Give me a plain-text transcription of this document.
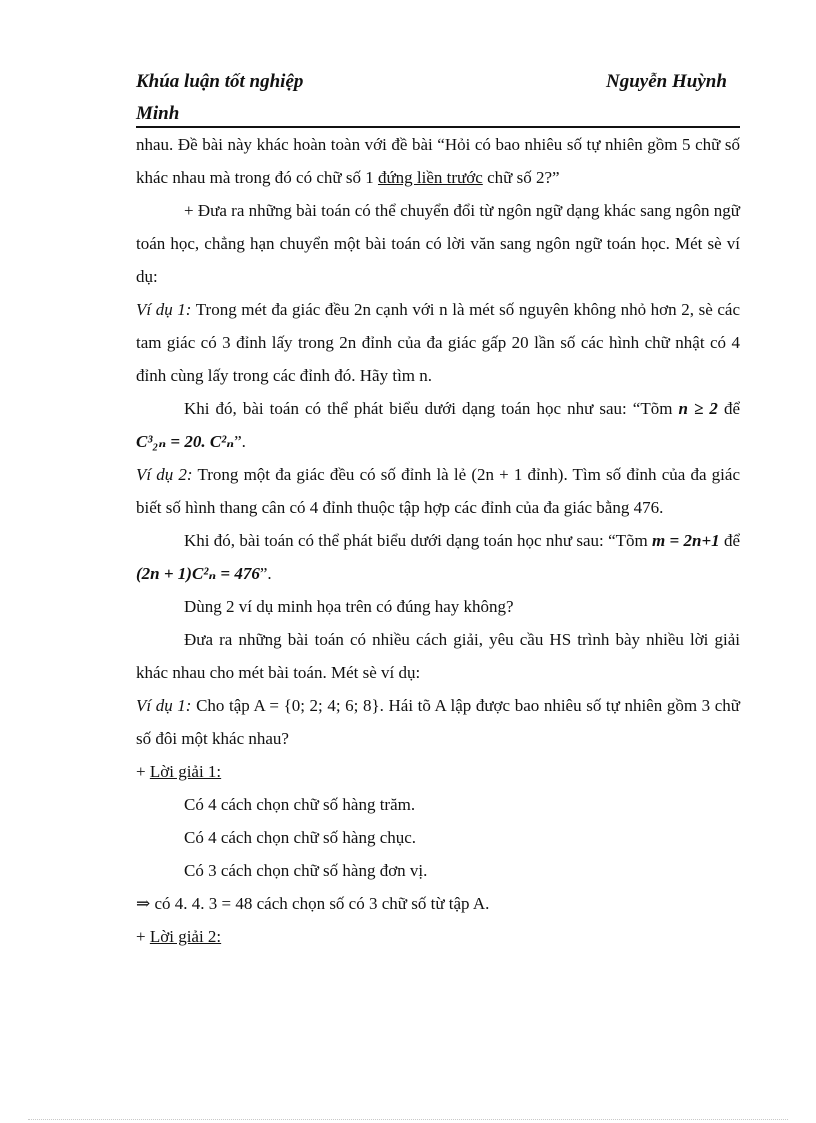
Khúa luận tốt nghiệp
Minh
Nguyễn Huỳnh

nhau. Đề bài này khác hoàn toàn với đề bài “Hỏi có bao nhiêu số tự nhiên gồm 5 chữ số khác nhau mà trong đó có chữ số 1 đứng liền trước chữ số 2?”

+ Đưa ra những bài toán có thể chuyển đổi từ ngôn ngữ dạng khác sang ngôn ngữ toán học, chẳng hạn chuyển một bài toán có lời văn sang ngôn ngữ toán học. Mét sè ví dụ:

Ví dụ 1: Trong mét đa giác đều 2n cạnh với n là mét số nguyên không nhỏ hơn 2, sè các tam giác có 3 đỉnh lấy trong 2n đỉnh của đa giác gấp 20 lần số các hình chữ nhật có 4 đỉnh cùng lấy trong các đỉnh đó. Hãy tìm n.

Khi đó, bài toán có thể phát biểu dưới dạng toán học như sau: “Tõm n ≥ 2 để C³₂ₙ = 20. C²ₙ”.

Ví dụ 2: Trong một đa giác đều có số đỉnh là lẻ (2n + 1 đỉnh). Tìm số đỉnh của đa giác biết số hình thang cân có 4 đỉnh thuộc tập hợp các đỉnh của đa giác bằng 476.

Khi đó, bài toán có thể phát biểu dưới dạng toán học như sau: “Tõm m = 2n+1 để (2n + 1)C²ₙ = 476”.

Dùng 2 ví dụ minh họa trên có đúng hay không?

Đưa ra những bài toán có nhiều cách giải, yêu cầu HS trình bày nhiều lời giải khác nhau cho mét bài toán. Mét sè ví dụ:

Ví dụ 1: Cho tập A = {0; 2; 4; 6; 8}. Hái tõ A lập được bao nhiêu số tự nhiên gồm 3 chữ số đôi một khác nhau?

+ Lời giải 1:

Có 4 cách chọn chữ số hàng trăm.

Có 4 cách chọn chữ số hàng chục.

Có 3 cách chọn chữ số hàng đơn vị.

⇒ có 4. 4. 3 = 48 cách chọn số có 3 chữ số từ tập A.

+ Lời giải 2:
